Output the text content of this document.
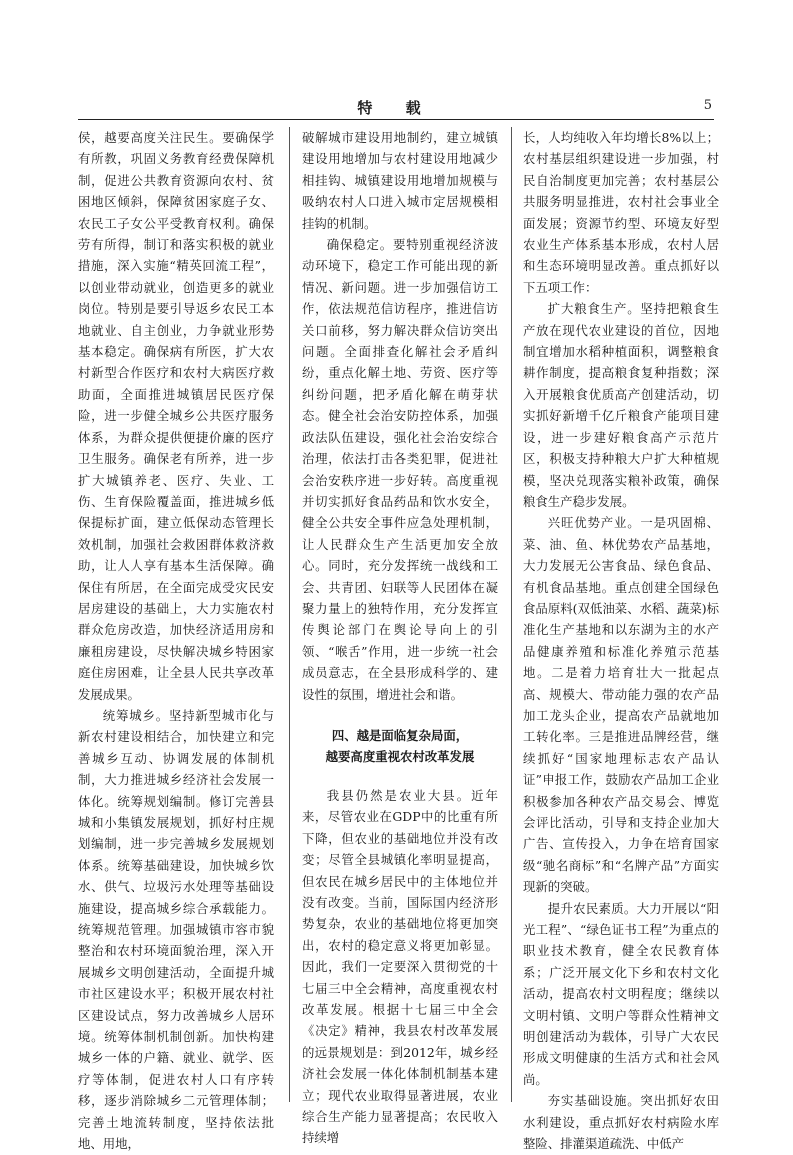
特 载	5

侯，越要高度关注民生。要确保学有所教，巩固义务教育经费保障机制，促进公共教育资源向农村、贫困地区倾斜，保障贫困家庭子女、农民工子女公平受教育权利。确保劳有所得，制订和落实积极的就业措施，深入实施“精英回流工程”，以创业带动就业，创造更多的就业岗位。特别是要引导返乡农民工本地就业、自主创业，力争就业形势基本稳定。确保病有所医，扩大农村新型合作医疗和农村大病医疗救助面，全面推进城镇居民医疗保险，进一步健全城乡公共医疗服务体系，为群众提供便捷价廉的医疗卫生服务。确保老有所养，进一步扩大城镇养老、医疗、失业、工伤、生育保险覆盖面，推进城乡低保提标扩面，建立低保动态管理长效机制，加强社会救困群体救济救助，让人人享有基本生活保障。确保住有所居，在全面完成受灾民安居房建设的基础上，大力实施农村群众危房改造，加快经济适用房和廉租房建设，尽快解决城乡特困家庭住房困难，让全县人民共享改革发展成果。

统筹城乡。坚持新型城市化与新农村建设相结合，加快建立和完善城乡互动、协调发展的体制机制，大力推进城乡经济社会发展一体化。统筹规划编制。修订完善县城和小集镇发展规划，抓好村庄规划编制，进一步完善城乡发展规划体系。统筹基础建设，加快城乡饮水、供气、垃圾污水处理等基础设施建设，提高城乡综合承载能力。统筹规范管理。加强城镇市容市貌整治和农村环境面貌治理，深入开展城乡文明创建活动，全面提升城市社区建设水平；积极开展农村社区建设试点，努力改善城乡人居环境。统筹体制机制创新。加快构建城乡一体的户籍、就业、就学、医疗等体制，促进农村人口有序转移，逐步消除城乡二元管理体制；完善土地流转制度，坚持依法批地、用地，

破解城市建设用地制约，建立城镇建设用地增加与农村建设用地减少相挂钩、城镇建设用地增加规模与吸纳农村人口进入城市定居规模相挂钩的机制。

确保稳定。要特别重视经济波动环境下，稳定工作可能出现的新情况、新问题。进一步加强信访工作，依法规范信访程序，推进信访关口前移，努力解决群众信访突出问题。全面排查化解社会矛盾纠纷，重点化解土地、劳资、医疗等纠纷问题，把矛盾化解在萌芽状态。健全社会治安防控体系，加强政法队伍建设，强化社会治安综合治理，依法打击各类犯罪，促进社会治安秩序进一步好转。高度重视并切实抓好食品药品和饮水安全，健全公共安全事件应急处理机制，让人民群众生产生活更加安全放心。同时，充分发挥统一战线和工会、共青团、妇联等人民团体在凝聚力量上的独特作用，充分发挥宣传舆论部门在舆论导向上的引领、“喉舌”作用，进一步统一社会成员意志，在全县形成科学的、建设性的氛围，增进社会和谐。

四、越是面临复杂局面，
越要高度重视农村改革发展

我县仍然是农业大县。近年来，尽管农业在GDP中的比重有所下降，但农业的基础地位并没有改变；尽管全县城镇化率明显提高，但农民在城乡居民中的主体地位并没有改变。当前，国际国内经济形势复杂，农业的基础地位将更加突出，农村的稳定意义将更加彰显。因此，我们一定要深入贯彻党的十七届三中全会精神，高度重视农村改革发展。根据十七届三中全会《决定》精神，我县农村改革发展的远景规划是：到2012年，城乡经济社会发展一体化体制机制基本建立；现代农业取得显著进展，农业综合生产能力显著提高；农民收入持续增

长，人均纯收入年均增长8%以上；农村基层组织建设进一步加强，村民自治制度更加完善；农村基层公共服务明显推进，农村社会事业全面发展；资源节约型、环境友好型农业生产体系基本形成，农村人居和生态环境明显改善。重点抓好以下五项工作：

扩大粮食生产。坚持把粮食生产放在现代农业建设的首位，因地制宜增加水稻种植面积，调整粮食耕作制度，提高粮食复种指数；深入开展粮食优质高产创建活动，切实抓好新增千亿斤粮食产能项目建设，进一步建好粮食高产示范片区，积极支持种粮大户扩大种植规模，坚决兑现落实粮补政策，确保粮食生产稳步发展。

兴旺优势产业。一是巩固棉、菜、油、鱼、林优势农产品基地，大力发展无公害食品、绿色食品、有机食品基地。重点创建全国绿色食品原料(双低油菜、水稻、蔬菜)标准化生产基地和以东湖为主的水产品健康养殖和标准化养殖示范基地。二是着力培育壮大一批起点高、规模大、带动能力强的农产品加工龙头企业，提高农产品就地加工转化率。三是推进品牌经营，继续抓好“国家地理标志农产品认证”申报工作，鼓励农产品加工企业积极参加各种农产品交易会、博览会评比活动，引导和支持企业加大广告、宣传投入，力争在培育国家级“驰名商标”和“名牌产品”方面实现新的突破。

提升农民素质。大力开展以“阳光工程”、“绿色证书工程”为重点的职业技术教育，健全农民教育体系；广泛开展文化下乡和农村文化活动，提高农村文明程度；继续以文明村镇、文明户等群众性精神文明创建活动为载体，引导广大农民形成文明健康的生活方式和社会风尚。

夯实基础设施。突出抓好农田水利建设，重点抓好农村病险水库整险、排灌渠道疏洗、中低产
